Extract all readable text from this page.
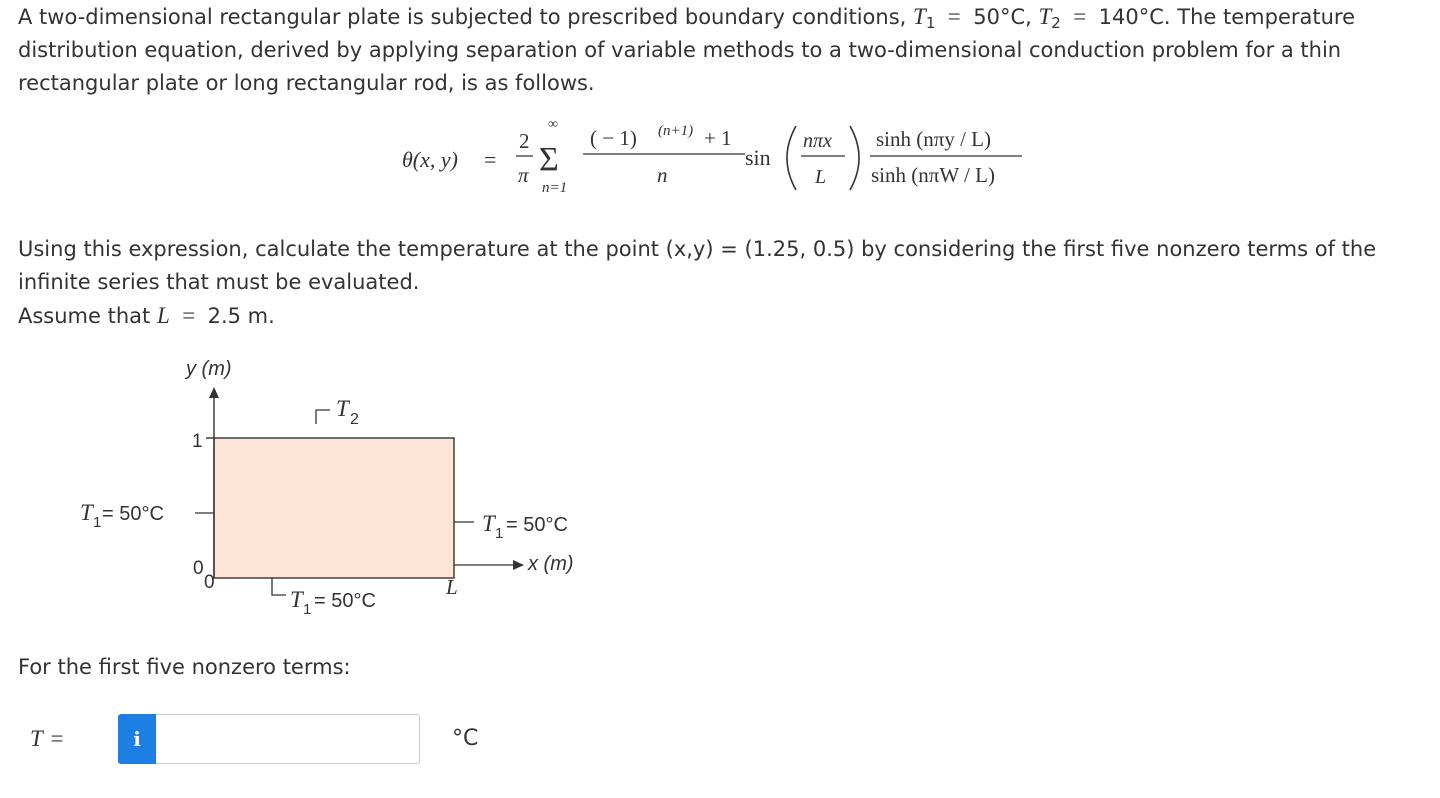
A two-dimensional rectangular plate is subjected to prescribed boundary conditions, $T_1 = 50^\circ C$, $T_2 = 140^\circ C$. The temperature distribution equation, derived by applying separation of variable methods to a two-dimensional conduction problem for a thin rectangular plate or long rectangular rod, is as follows.

θ(x, y) =
2
π
∞
Σ
n=1
( − 1) (n+1) + 1
n
sin
nπx
L
sinh (nπy / L)
sinh (nπW / L)

Using this expression, calculate the temperature at the point (x,y) = (1.25, 0.5) by considering the first five nonzero terms of the infinite series that must be evaluated.

Assume that L  =  2.5 m.

y (m)
1
0
0
x (m)
L
T 2
T 1 = 50°C	T 1 = 50°C
T 1 = 50°C

For the first five nonzero terms:

T =	i	°C
